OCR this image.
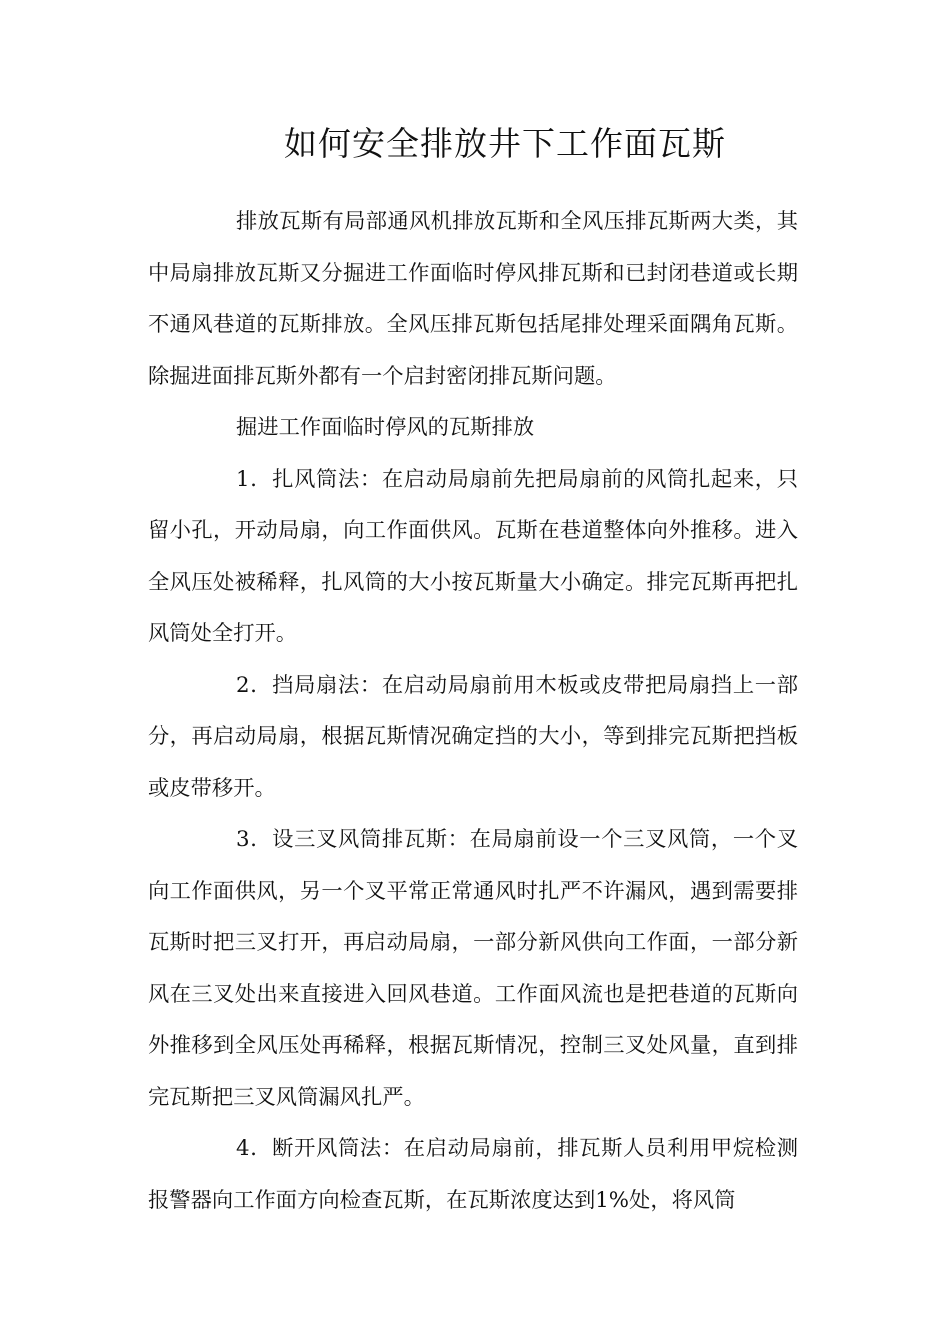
如何安全排放井下工作面瓦斯

排放瓦斯有局部通风机排放瓦斯和全风压排瓦斯两大类，其中局扇排放瓦斯又分掘进工作面临时停风排瓦斯和已封闭巷道或长期不通风巷道的瓦斯排放。全风压排瓦斯包括尾排处理采面隅角瓦斯。除掘进面排瓦斯外都有一个启封密闭排瓦斯问题。

掘进工作面临时停风的瓦斯排放

1．扎风筒法：在启动局扇前先把局扇前的风筒扎起来，只留小孔，开动局扇，向工作面供风。瓦斯在巷道整体向外推移。进入全风压处被稀释，扎风筒的大小按瓦斯量大小确定。排完瓦斯再把扎风筒处全打开。

2．挡局扇法：在启动局扇前用木板或皮带把局扇挡上一部分，再启动局扇，根据瓦斯情况确定挡的大小，等到排完瓦斯把挡板或皮带移开。

3．设三叉风筒排瓦斯：在局扇前设一个三叉风筒，一个叉向工作面供风，另一个叉平常正常通风时扎严不许漏风，遇到需要排瓦斯时把三叉打开，再启动局扇，一部分新风供向工作面，一部分新风在三叉处出来直接进入回风巷道。工作面风流也是把巷道的瓦斯向外推移到全风压处再稀释，根据瓦斯情况，控制三叉处风量，直到排完瓦斯把三叉风筒漏风扎严。

4．断开风筒法：在启动局扇前，排瓦斯人员利用甲烷检测报警器向工作面方向检查瓦斯，在瓦斯浓度达到1%处，将风筒
